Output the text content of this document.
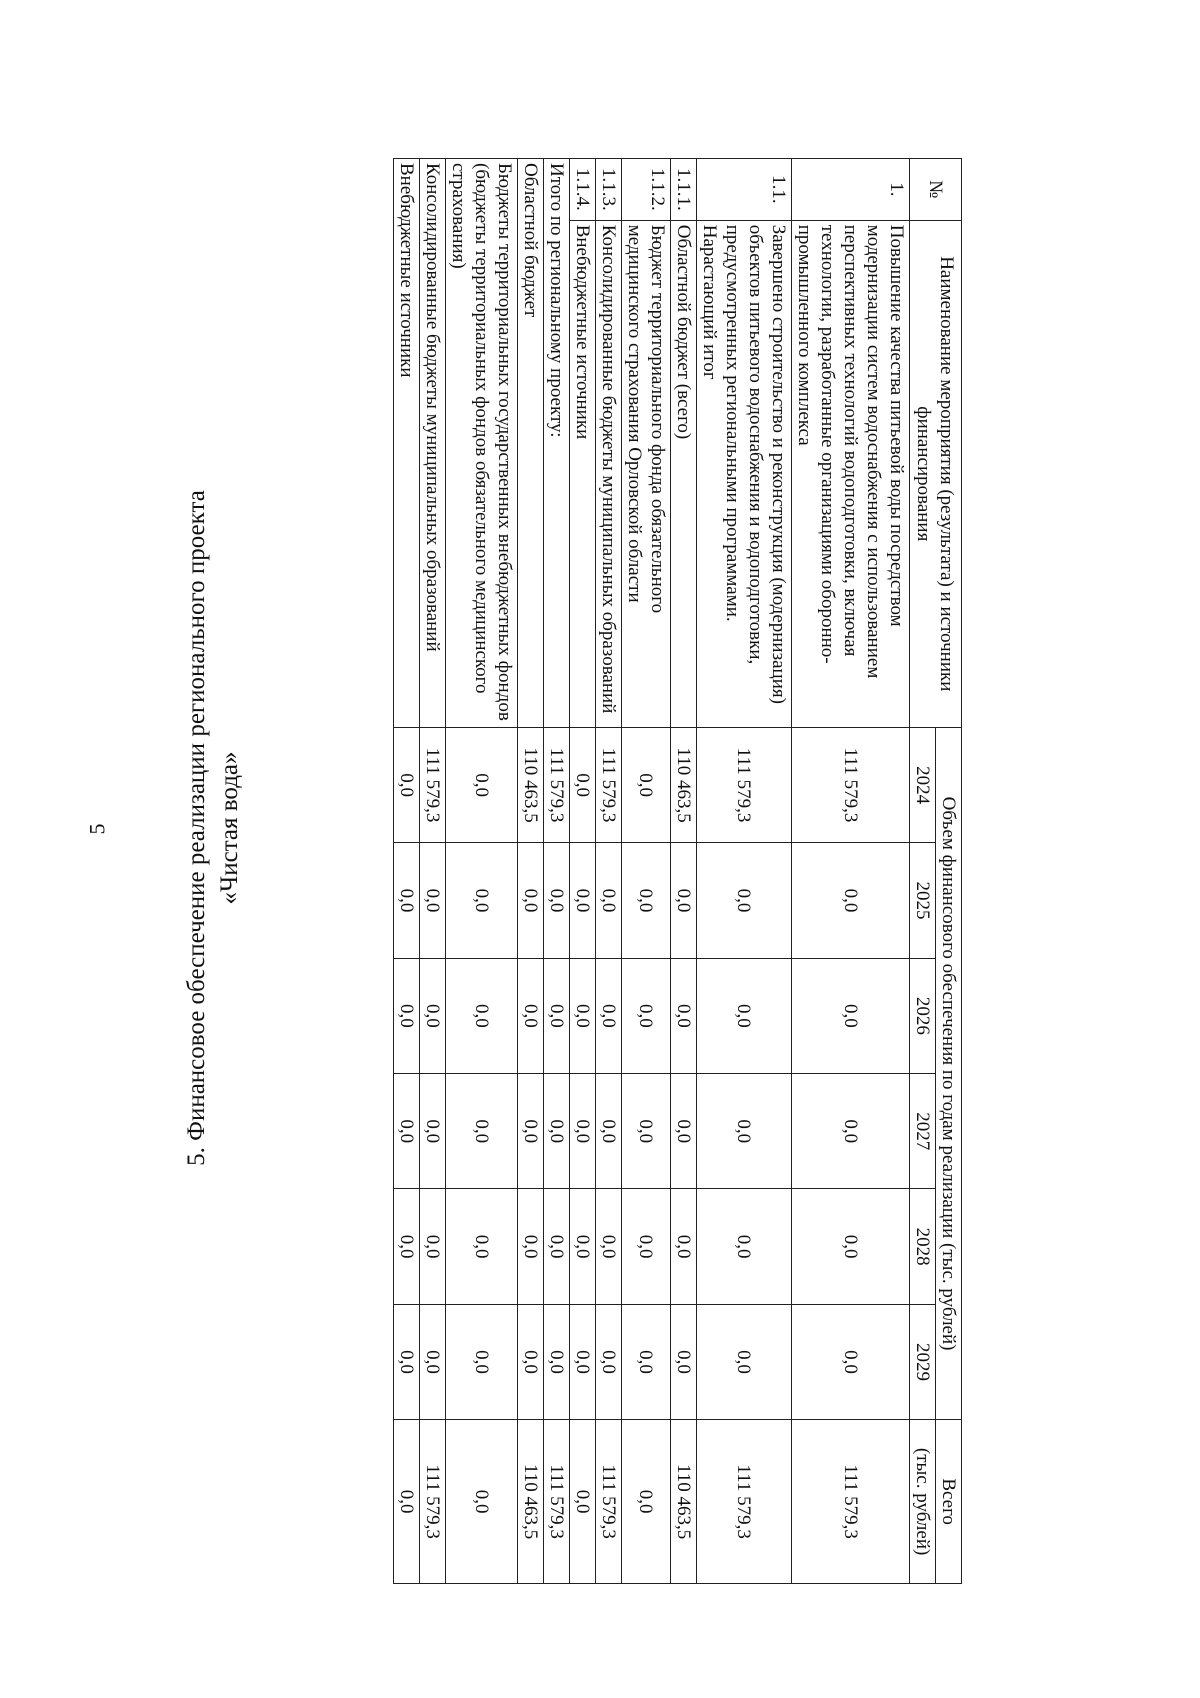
5	5. Финансовое обеспечение реализации регионального проекта «Чистая вода»
№	Наименование мероприятия (результата) и источники финансирования	Объем финансового обеспечения по годам реализации (тыс. рублей)						Всего
		2024	2025	2026	2027	2028	2029	(тыс. рублей)
1.	Повышение качества питьевой воды посредством модернизации систем водоснабжения с использованием перспективных технологий водоподготовки, включая технологии, разработанные организациями оборонно-промышленного комплекса	111 579,3	0,0	0,0	0,0	0,0	0,0	111 579,3
1.1.	Завершено строительство и реконструкция (модернизация) объектов питьевого водоснабжения и водоподготовки, предусмотренных региональными программами. Нарастающий итог	111 579,3	0,0	0,0	0,0	0,0	0,0	111 579,3
1.1.1.	Областной бюджет (всего)	110 463,5	0,0	0,0	0,0	0,0	0,0	110 463,5
1.1.2.	Бюджет территориального фонда обязательного медицинского страхования Орловской области	0,0	0,0	0,0	0,0	0,0	0,0	0,0
1.1.3.	Консолидированные бюджеты муниципальных образований	111 579,3	0,0	0,0	0,0	0,0	0,0	111 579,3
1.1.4.	Внебюджетные источники	0,0	0,0	0,0	0,0	0,0	0,0	0,0
Итого по региональному проекту:		111 579,3	0,0	0,0	0,0	0,0	0,0	111 579,3
Областной бюджет		110 463,5	0,0	0,0	0,0	0,0	0,0	110 463,5
Бюджеты территориальных государственных внебюджетных фондов (бюджеты территориальных фондов обязательного медицинского страхования)		0,0	0,0	0,0	0,0	0,0	0,0	0,0
Консолидированные бюджеты муниципальных образований		111 579,3	0,0	0,0	0,0	0,0	0,0	111 579,3
Внебюджетные источники		0,0	0,0	0,0	0,0	0,0	0,0	0,0
